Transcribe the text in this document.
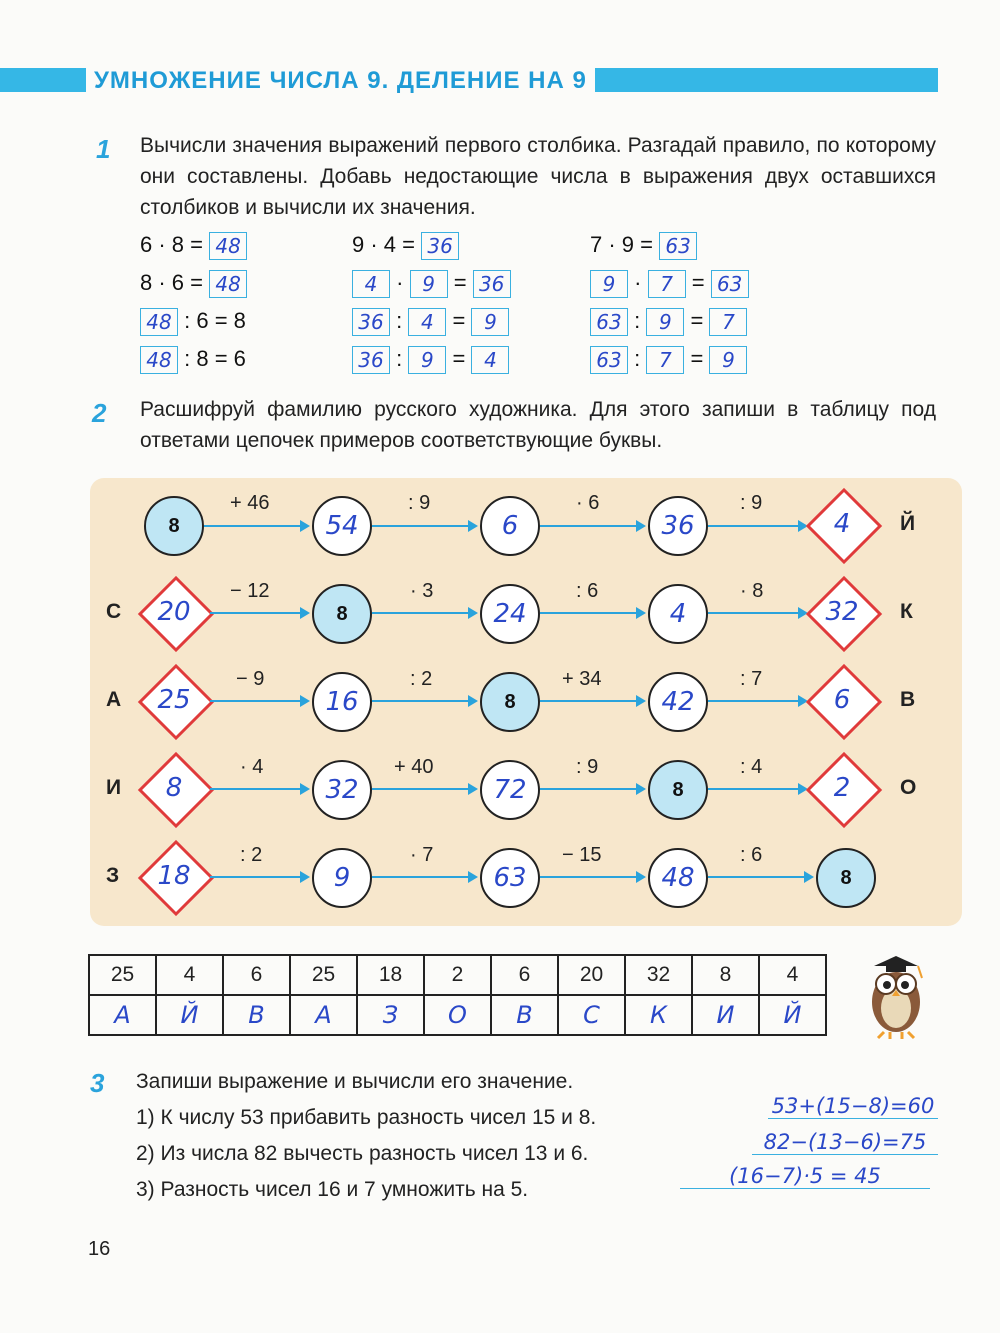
УМНОЖЕНИЕ ЧИСЛА 9. ДЕЛЕНИЕ НА 9
1 Вычисли значения выражений первого столбика. Разгадай правило, по которому они составлены. Добавь недостающие числа в выражения двух оставшихся столбиков и вычисли их значения.
6 · 8 = 48
8 · 6 = 48
48 : 6 = 8
48 : 8 = 6
9 · 4 = 36
4 · 9 = 36
36 : 4 = 9
36 : 9 = 4
7 · 9 = 63
9 · 7 = 63
63 : 9 = 7
63 : 7 = 9
2 Расшифруй фамилию русского художника. Для этого запиши в таблицу под ответами цепочек примеров соответствующие буквы.
8
+ 46
54
: 9
6
· 6
36
: 9
4	Й
С	20
− 12
8
· 3
24
: 6
4
· 8
32	К
А	25
− 9
16
: 2
8
+ 34
42
: 7
6	В
И	8
· 4
32
+ 40
72
: 9
8
: 4
2	О
З	18
: 2
9
· 7
63
− 15
48
: 6
8
25	4	6	25	18	2	6	20	32	8	4
А	Й	В	А	З	О	В	С	К	И	Й
3 Запиши выражение и вычисли его значение.
1) К числу 53 прибавить разность чисел 15 и 8.	53+(15−8)=60
2) Из числа 82 вычесть разность чисел 13 и 6.	82−(13−6)=75
3) Разность чисел 16 и 7 умножить на 5.
(16−7)·5 = 45
16
